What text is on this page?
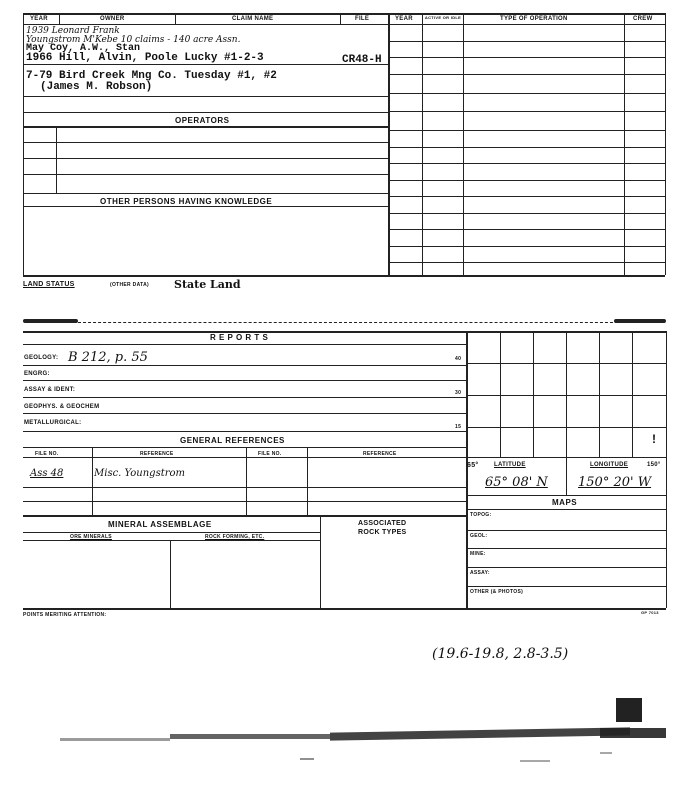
YEAR	OWNER	CLAIM NAME	FILE	YEAR	ACTIVE OR IDLE	TYPE OF OPERATION	CREW
1939 Leonard Frank
Youngstrom M'Kebe 10 claims - 140 acre Assn.
May Coy, A.W., Stan
1966 Hill, Alvin, Poole Lucky #1-2-3	CR48-H
7-79 Bird Creek Mng Co. Tuesday #1, #2
(James M. Robson)
OPERATORS
OTHER PERSONS HAVING KNOWLEDGE
LAND STATUS	(OTHER DATA) State Land
R E P O R T S
GEOLOGY: B 212, p. 55	40
ENGRG:
ASSAY & IDENT:	30
GEOPHYS. & GEOCHEM
METALLURGICAL:
15
GENERAL REFERENCES
FILE NO.	REFERENCE	FILE NO.	REFERENCE
Ass 48	Misc. Youngstrom
MINERAL ASSEMBLAGE	ASSOCIATED
ROCK TYPES
ORE MINERALS	ROCK FORMING, ETC.
!
65°	LATITUDE	LONGITUDE	150°
65° 08' N 150° 20' W
MAPS
TOPOG:
GEOL:
MINE:
ASSAY:
OTHER (& PHOTOS)
POINTS MERITING ATTENTION:	GP 7013
(19.6-19.8, 2.8-3.5)
